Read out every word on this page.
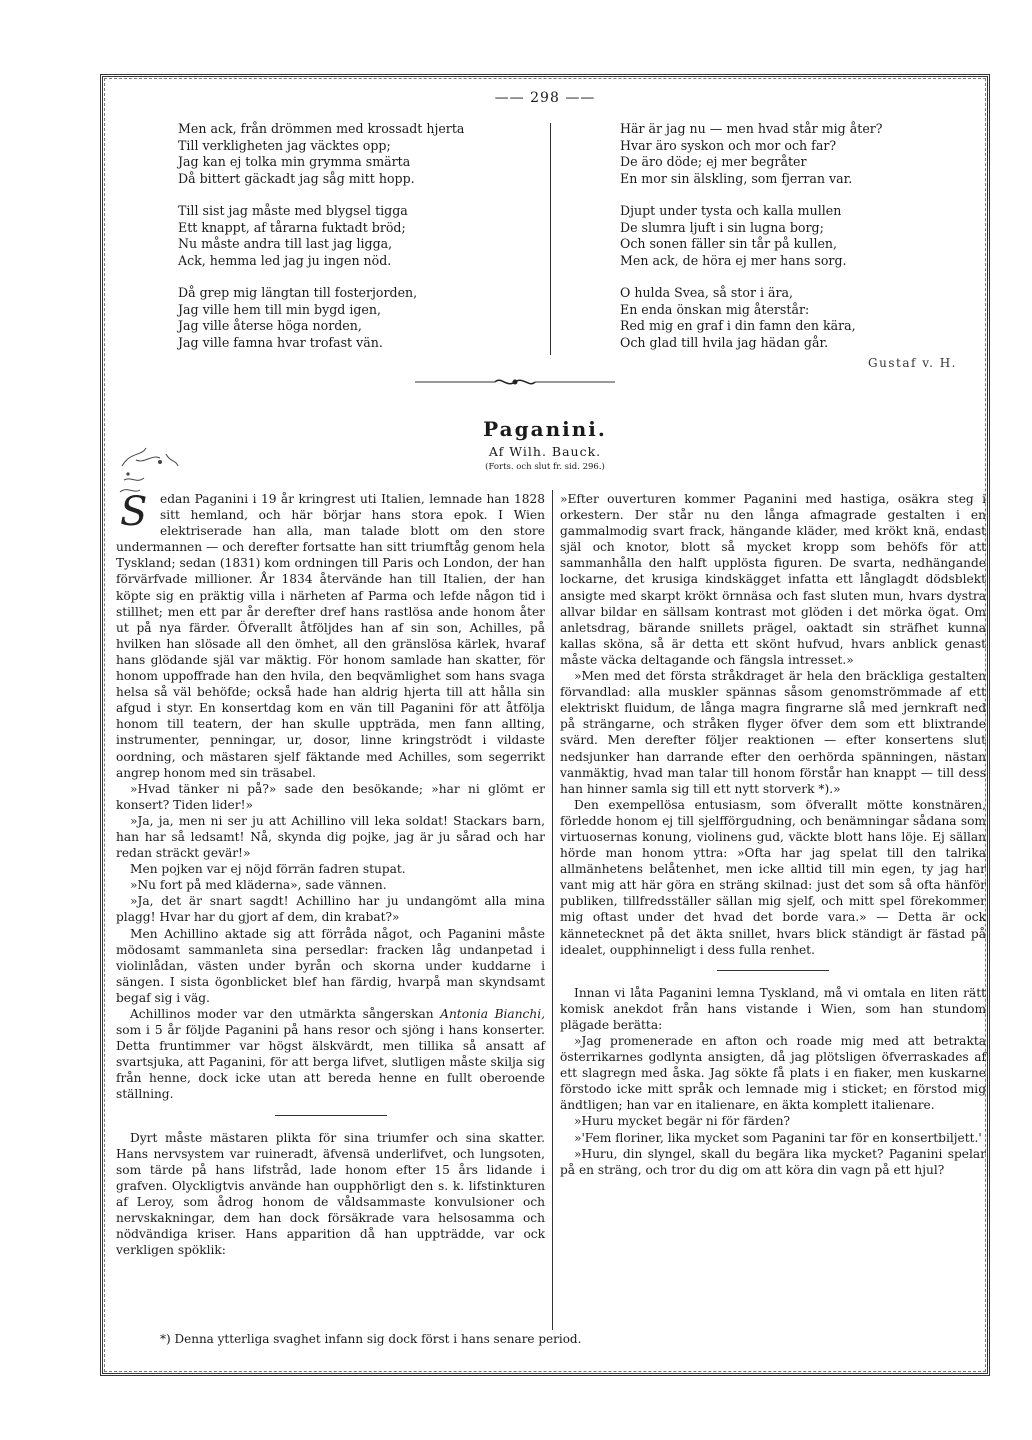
—— 298 ——
Men ack, från drömmen med krossadt hjerta
Till verkligheten jag väcktes opp;
Jag kan ej tolka min grymma smärta
Då bittert gäckadt jag såg mitt hopp.
Till sist jag måste med blygsel tigga
Ett knappt, af tårarna fuktadt bröd;
Nu måste andra till last jag ligga,
Ack, hemma led jag ju ingen nöd.
Då grep mig längtan till fosterjorden,
Jag ville hem till min bygd igen,
Jag ville återse höga norden,
Jag ville famna hvar trofast vän.
Här är jag nu — men hvad står mig åter?
Hvar äro syskon och mor och far?
De äro döde; ej mer begråter
En mor sin älskling, som fjerran var.
Djupt under tysta och kalla mullen
De slumra ljuft i sin lugna borg;
Och sonen fäller sin tår på kullen,
Men ack, de höra ej mer hans sorg.
O hulda Svea, så stor i ära,
En enda önskan mig återstår:
Red mig en graf i din famn den kära,
Och glad till hvila jag hädan går.
Gustaf v. H.
Paganini.
Af Wilh. Bauck.
(Forts. och slut fr. sid. 296.)
S	edan Paganini i 19 år kringrest uti Italien, lemnade han 1828 sitt hemland, och här börjar hans stora epok. I Wien elektriserade han alla, man talade blott om den store undermannen — och derefter fortsatte han sitt triumftåg genom hela Tyskland; sedan (1831) kom ordningen till Paris och London, der han förvärfvade millioner. År 1834 återvände han till Italien, der han köpte sig en präktig villa i närheten af Parma och lefde någon tid i stillhet; men ett par år derefter dref hans rastlösa ande honom åter ut på nya färder. Öfverallt åtföljdes han af sin son, Achilles, på hvilken han slösade all den ömhet, all den gränslösa kärlek, hvaraf hans glödande själ var mäktig. För honom samlade han skatter, för honom uppoffrade han den hvila, den beqvämlighet som hans svaga helsa så väl behöfde; också hade han aldrig hjerta till att hålla sin afgud i styr. En konsertdag kom en vän till Paganini för att åtfölja honom till teatern, der han skulle uppträda, men fann allting, instrumenter, penningar, ur, dosor, linne kringströdt i vildaste oordning, och mästaren sjelf fäktande med Achilles, som segerrikt angrep honom med sin träsabel.

»Hvad tänker ni på?» sade den besökande; »har ni glömt er konsert? Tiden lider!»

»Ja, ja, men ni ser ju att Achillino vill leka soldat! Stackars barn, han har så ledsamt! Nå, skynda dig pojke, jag är ju sårad och har redan sträckt gevär!»

Men pojken var ej nöjd förrän fadren stupat.

»Nu fort på med kläderna», sade vännen.

»Ja, det är snart sagdt! Achillino har ju undangömt alla mina plagg! Hvar har du gjort af dem, din krabat?»

Men Achillino aktade sig att förråda något, och Paganini måste mödosamt sammanleta sina persedlar: fracken låg undanpetad i violinlådan, västen under byrån och skorna under kuddarne i sängen. I sista ögonblicket blef han färdig, hvarpå man skyndsamt begaf sig i väg.

Achillinos moder var den utmärkta sångerskan Antonia Bianchi, som i 5 år följde Paganini på hans resor och sjöng i hans konserter. Detta fruntimmer var högst älskvärdt, men tillika så ansatt af svartsjuka, att Paganini, för att berga lifvet, slutligen måste skilja sig från henne, dock icke utan att bereda henne en fullt oberoende ställning.

Dyrt måste mästaren plikta för sina triumfer och sina skatter. Hans nervsystem var ruineradt, äfvensä underlifvet, och lungsoten, som tärde på hans lifstråd, lade honom efter 15 års lidande i grafven. Olyckligtvis använde han oupphörligt den s. k. lifstinkturen af Leroy, som ådrog honom de våldsammaste konvulsioner och nervskakningar, dem han dock försäkrade vara helsosamma och nödvändiga kriser. Hans apparition då han uppträdde, var ock verkligen spöklik:

»Efter ouverturen kommer Paganini med hastiga, osäkra steg i orkestern. Der står nu den långa afmagrade gestalten i en gammalmodig svart frack, hängande kläder, med krökt knä, endast själ och knotor, blott så mycket kropp som behöfs för att sammanhålla den halft upplösta figuren. De svarta, nedhängande lockarne, det krusiga kindskägget infatta ett långlagdt dödsblekt ansigte med skarpt krökt örnnäsa och fast sluten mun, hvars dystra allvar bildar en sällsam kontrast mot glöden i det mörka ögat. Om anletsdrag, bärande snillets prägel, oaktadt sin sträfhet kunna kallas sköna, så är detta ett skönt hufvud, hvars anblick genast måste väcka deltagande och fängsla intresset.»

»Men med det första stråkdraget är hela den bräckliga gestalten förvandlad: alla muskler spännas såsom genomströmmade af ett elektriskt fluidum, de långa magra fingrarne slå med jernkraft ned på strängarne, och stråken flyger öfver dem som ett blixtrande svärd. Men derefter följer reaktionen — efter konsertens slut nedsjunker han darrande efter den oerhörda spänningen, nästan vanmäktig, hvad man talar till honom förstår han knappt — till dess han hinner samla sig till ett nytt storverk *).»

Den exempellösa entusiasm, som öfverallt mötte konstnären, förledde honom ej till sjelfförgudning, och benämningar sådana som virtuosernas konung, violinens gud, väckte blott hans löje. Ej sällan hörde man honom yttra: »Ofta har jag spelat till den talrika allmänhetens belåtenhet, men icke alltid till min egen, ty jag har vant mig att här göra en sträng skilnad: just det som så ofta hänför publiken, tillfredsställer sällan mig sjelf, och mitt spel förekommer mig oftast under det hvad det borde vara.» — Detta är ock kännetecknet på det äkta snillet, hvars blick ständigt är fästad på idealet, oupphinneligt i dess fulla renhet.

Innan vi låta Paganini lemna Tyskland, må vi omtala en liten rätt komisk anekdot från hans vistande i Wien, som han stundom plägade berätta:

»Jag promenerade en afton och roade mig med att betrakta österrikarnes godlynta ansigten, då jag plötsligen öfverraskades af ett slagregn med åska. Jag sökte få plats i en fiaker, men kuskarne förstodo icke mitt språk och lemnade mig i sticket; en förstod mig ändtligen; han var en italienare, en äkta komplett italienare.

»Huru mycket begär ni för färden?

»'Fem floriner, lika mycket som Paganini tar för en konsertbiljett.'

»Huru, din slyngel, skall du begära lika mycket? Paganini spelar på en sträng, och tror du dig om att köra din vagn på ett hjul?

*) Denna ytterliga svaghet infann sig dock först i hans senare period.
